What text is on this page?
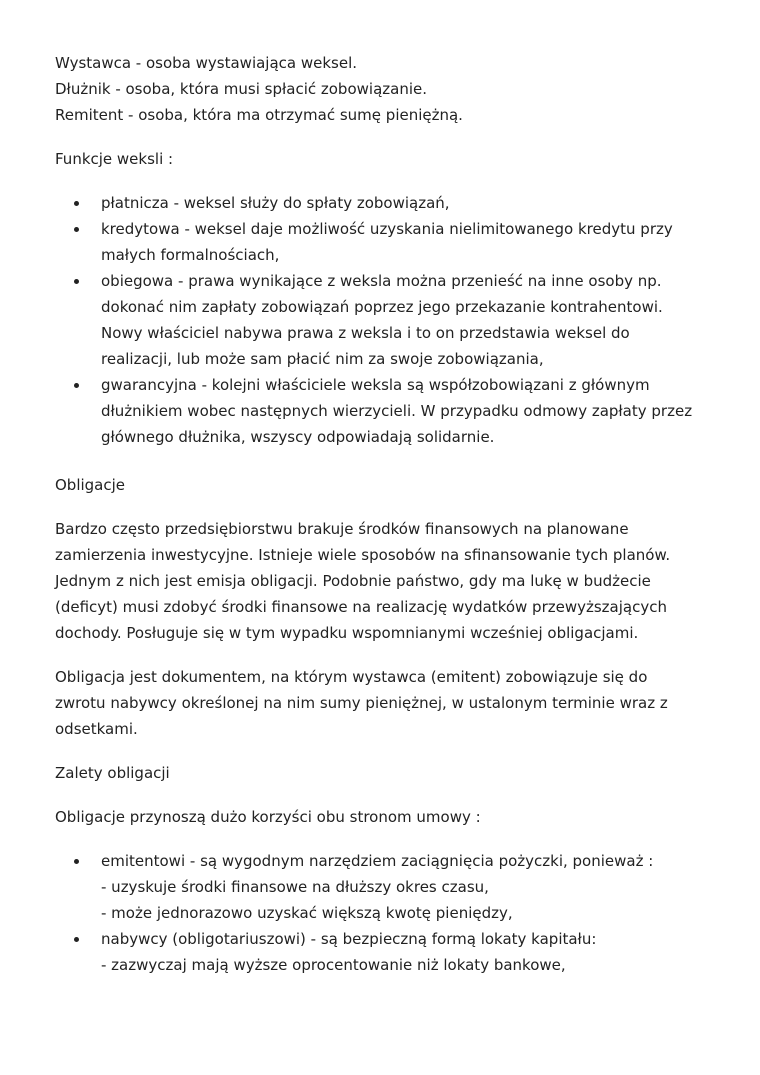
Wystawca - osoba wystawiająca weksel.

Dłużnik - osoba, która musi spłacić zobowiązanie.

Remitent - osoba, która ma otrzymać sumę pieniężną.

Funkcje weksli :

płatnicza - weksel służy do spłaty zobowiązań,
kredytowa - weksel daje możliwość uzyskania nielimitowanego kredytu przy
małych formalnościach,
obiegowa - prawa wynikające z weksla można przenieść na inne osoby np.
dokonać nim zapłaty zobowiązań poprzez jego przekazanie kontrahentowi.
Nowy właściciel nabywa prawa z weksla i to on przedstawia weksel do
realizacji, lub może sam płacić nim za swoje zobowiązania,
gwarancyjna - kolejni właściciele weksla są współzobowiązani z głównym
dłużnikiem wobec następnych wierzycieli. W przypadku odmowy zapłaty przez
głównego dłużnika, wszyscy odpowiadają solidarnie.

Obligacje

Bardzo często przedsiębiorstwu brakuje środków finansowych na planowane

zamierzenia inwestycyjne. Istnieje wiele sposobów na sfinansowanie tych planów.

Jednym z nich jest emisja obligacji. Podobnie państwo, gdy ma lukę w budżecie

(deficyt) musi zdobyć środki finansowe na realizację wydatków przewyższających

dochody. Posługuje się w tym wypadku wspomnianymi wcześniej obligacjami.

Obligacja jest dokumentem, na którym wystawca (emitent) zobowiązuje się do

zwrotu nabywcy określonej na nim sumy pieniężnej, w ustalonym terminie wraz z

odsetkami.

Zalety obligacji

Obligacje przynoszą dużo korzyści obu stronom umowy :

emitentowi - są wygodnym narzędziem zaciągnięcia pożyczki, ponieważ :
- uzyskuje środki finansowe na dłuższy okres czasu,
- może jednorazowo uzyskać większą kwotę pieniędzy,
nabywcy (obligotariuszowi) - są bezpieczną formą lokaty kapitału:
- zazwyczaj mają wyższe oprocentowanie niż lokaty bankowe,
